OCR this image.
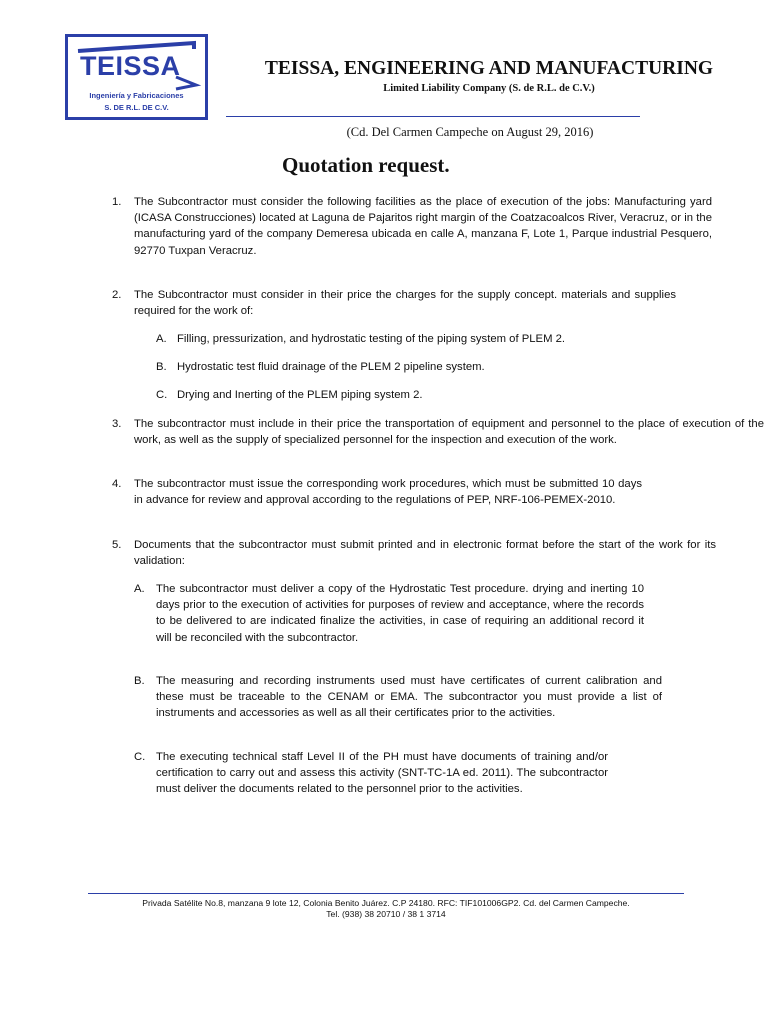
TEISSA
Ingeniería y Fabricaciones
S. DE R.L. DE C.V.
TEISSA, ENGINEERING AND MANUFACTURING
Limited Liability Company (S. de R.L. de C.V.)
(Cd. Del Carmen Campeche on August 29, 2016)
Quotation request.
1. The Subcontractor must consider the following facilities as the place of execution of the jobs: Manufacturing yard (ICASA Construcciones) located at Laguna de Pajaritos right margin of the Coatzacoalcos River, Veracruz, or in the manufacturing yard of the company Demeresa ubicada en calle A, manzana F, Lote 1, Parque industrial Pesquero, 92770 Tuxpan Veracruz.

2. The Subcontractor must consider in their price the charges for the supply concept. materials and supplies required for the work of:

A. Filling, pressurization, and hydrostatic testing of the piping system of PLEM 2.

B. Hydrostatic test fluid drainage of the PLEM 2 pipeline system.

C. Drying and Inerting of the PLEM piping system 2.

3. The subcontractor must include in their price the transportation of equipment and personnel to the place of execution of the work, as well as the supply of specialized personnel for the inspection and execution of the work.

4. The subcontractor must issue the corresponding work procedures, which must be submitted 10 days in advance for review and approval according to the regulations of PEP, NRF-106-PEMEX-2010.

5. Documents that the subcontractor must submit printed and in electronic format before the start of the work for its validation:

A. The subcontractor must deliver a copy of the Hydrostatic Test procedure. drying and inerting 10 days prior to the execution of activities for purposes of review and acceptance, where the records to be delivered to are indicated finalize the activities, in case of requiring an additional record it will be reconciled with the subcontractor.

B. The measuring and recording instruments used must have certificates of current calibration and these must be traceable to the CENAM or EMA. The subcontractor you must provide a list of instruments and accessories as well as all their certificates prior to the activities.

C. The executing technical staff Level II of the PH must have documents of training and/or certification to carry out and assess this activity (SNT-TC-1A ed. 2011). The subcontractor must deliver the documents related to the personnel prior to the activities.

Privada Satélite No.8, manzana 9 lote 12, Colonia Benito Juárez. C.P 24180. RFC: TIF101006GP2. Cd. del Carmen Campeche.
Tel. (938) 38 20710 / 38 1 3714
